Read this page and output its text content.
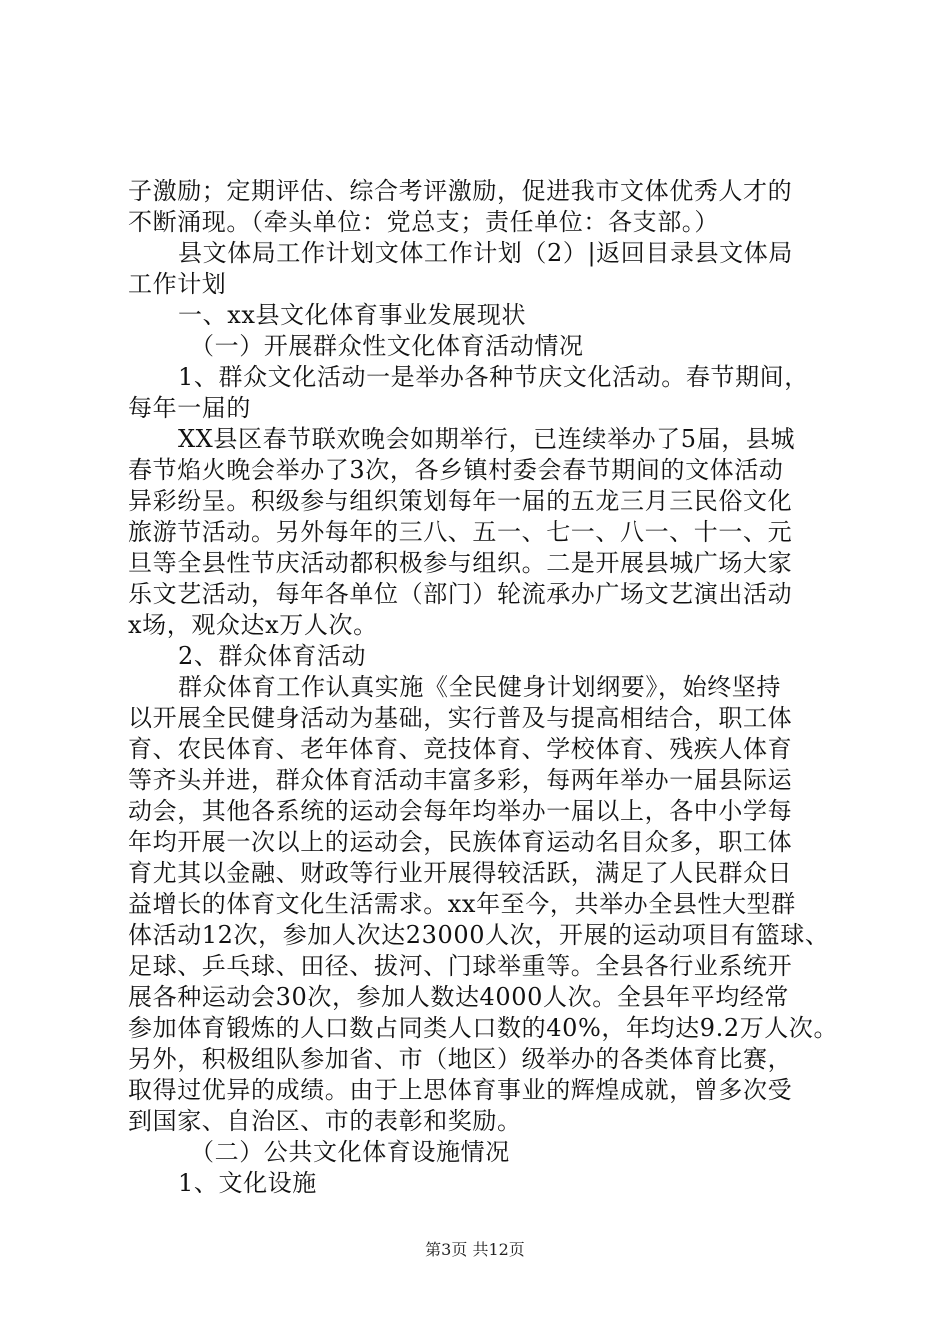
子激励；定期评估、综合考评激励，促进我市文体优秀人才的
不断涌现。（牵头单位：党总支；责任单位：各支部。）
县文体局工作计划文体工作计划（2）|返回目录县文体局
工作计划
一、xx县文化体育事业发展现状
（一）开展群众性文化体育活动情况
1、群众文化活动一是举办各种节庆文化活动。春节期间，
每年一届的
XX县区春节联欢晚会如期举行，已连续举办了5届，县城
春节焰火晚会举办了3次，各乡镇村委会春节期间的文体活动
异彩纷呈。积级参与组织策划每年一届的五龙三月三民俗文化
旅游节活动。另外每年的三八、五一、七一、八一、十一、元
旦等全县性节庆活动都积极参与组织。二是开展县城广场大家
乐文艺活动，每年各单位（部门）轮流承办广场文艺演出活动
x场，观众达x万人次。
2、群众体育活动
群众体育工作认真实施《全民健身计划纲要》，始终坚持
以开展全民健身活动为基础，实行普及与提高相结合，职工体
育、农民体育、老年体育、竞技体育、学校体育、残疾人体育
等齐头并进，群众体育活动丰富多彩，每两年举办一届县际运
动会，其他各系统的运动会每年均举办一届以上，各中小学每
年均开展一次以上的运动会，民族体育运动名目众多，职工体
育尤其以金融、财政等行业开展得较活跃，满足了人民群众日
益增长的体育文化生活需求。xx年至今，共举办全县性大型群
体活动12次，参加人次达23000人次，开展的运动项目有篮球、
足球、乒乓球、田径、拔河、门球举重等。全县各行业系统开
展各种运动会30次，参加人数达4000人次。全县年平均经常
参加体育锻炼的人口数占同类人口数的40%，年均达9.2万人次。
另外，积极组队参加省、市（地区）级举办的各类体育比赛，
取得过优异的成绩。由于上思体育事业的辉煌成就，曾多次受
到国家、自治区、市的表彰和奖励。
（二）公共文化体育设施情况
1、文化设施
第3页 共12页
